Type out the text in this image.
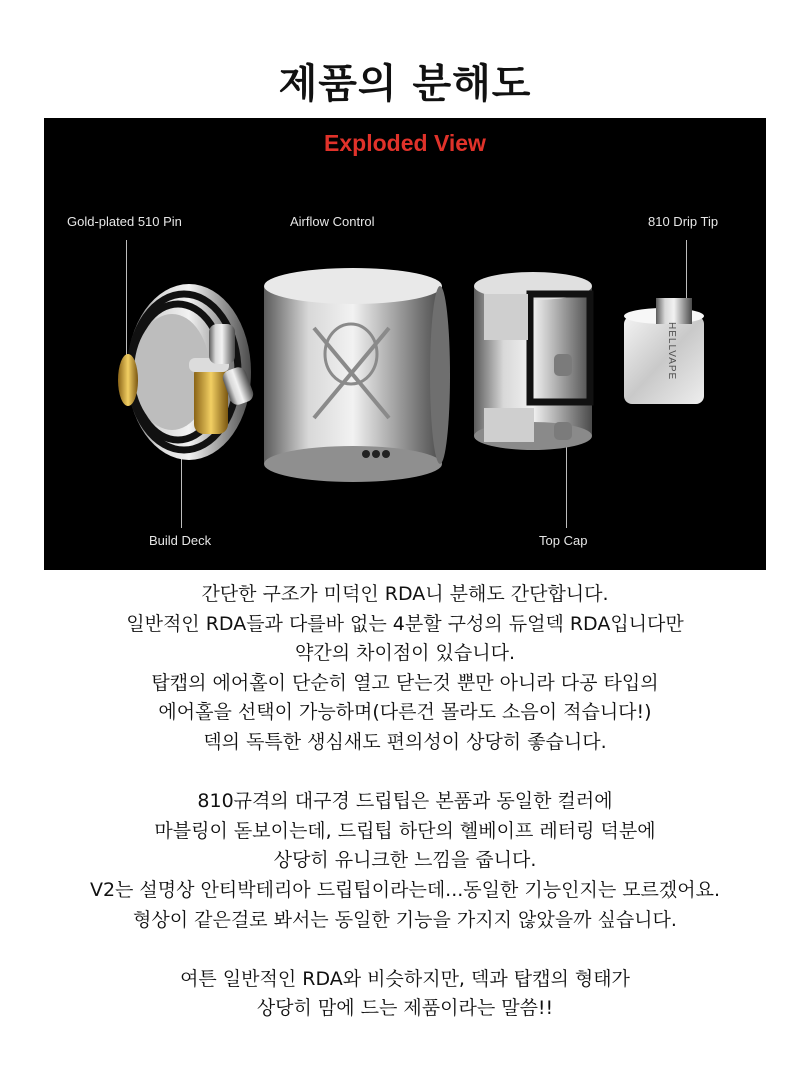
제품의 분해도
Exploded View
Gold-plated 510 Pin	Airflow Control	810 Drip Tip
Build Deck	Top Cap
HELLVAPE
간단한 구조가 미덕인 RDA니 분해도 간단합니다.
일반적인 RDA들과 다를바 없는 4분할 구성의 듀얼덱 RDA입니다만
약간의 차이점이 있습니다.
탑캡의 에어홀이 단순히 열고 닫는것 뿐만 아니라 다공 타입의
에어홀을 선택이 가능하며(다른건 몰라도 소음이 적습니다!)
덱의 독특한 생심새도 편의성이 상당히 좋습니다.
810규격의 대구경 드립팁은 본품과 동일한 컬러에
마블링이 돋보이는데, 드립팁 하단의 헬베이프 레터링 덕분에
상당히 유니크한 느낌을 줍니다.
V2는 설명상 안티박테리아 드립팁이라는데...동일한 기능인지는 모르겠어요.
형상이 같은걸로 봐서는 동일한 기능을 가지지 않았을까 싶습니다.
여튼 일반적인 RDA와 비슷하지만, 덱과 탑캡의 형태가
상당히 맘에 드는 제품이라는 말씀!!
